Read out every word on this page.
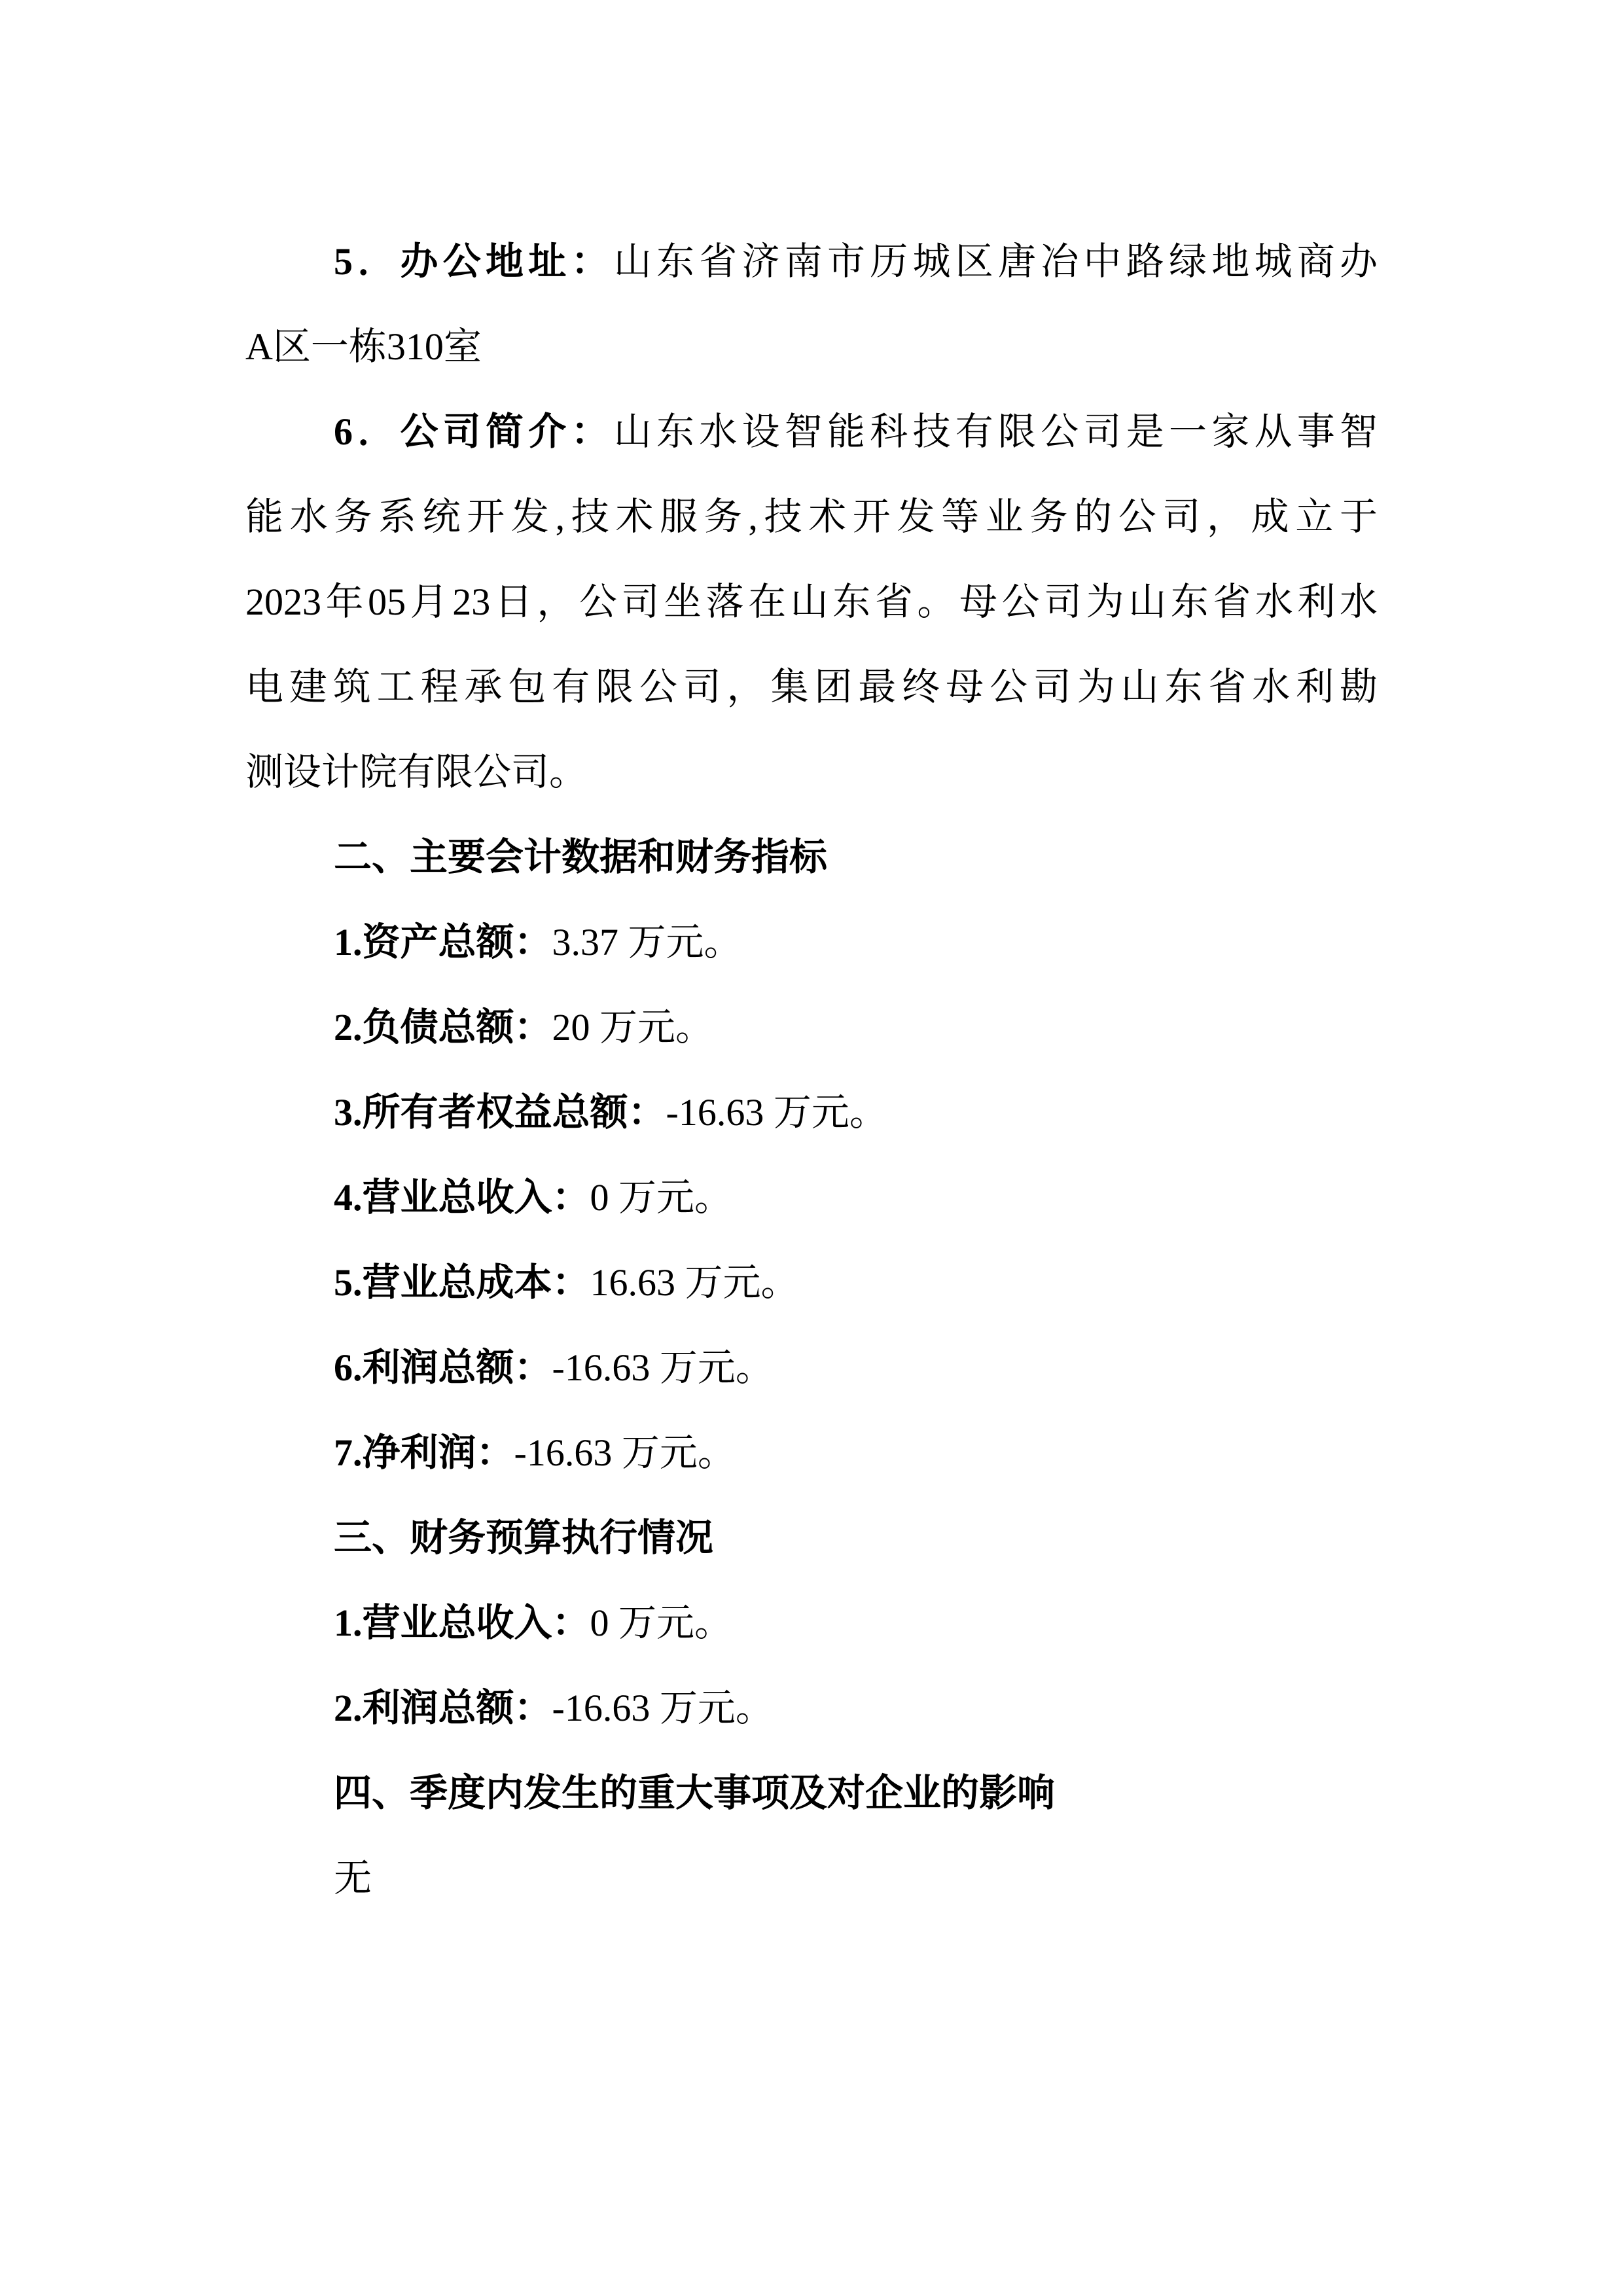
5．办公地址：山东省济南市历城区唐冶中路绿地城商办
A区一栋310室
6．公司简介：山东水设智能科技有限公司是一家从事智
能水务系统开发,技术服务,技术开发等业务的公司，成立于
2023年05月23日，公司坐落在山东省。母公司为山东省水利水
电建筑工程承包有限公司，集团最终母公司为山东省水利勘
测设计院有限公司。
二、主要会计数据和财务指标
1.资产总额：3.37 万元。
2.负债总额：20 万元。
3.所有者权益总额：-16.63 万元。
4.营业总收入：0 万元。
5.营业总成本：16.63 万元。
6.利润总额：-16.63 万元。
7.净利润：-16.63 万元。
三、财务预算执行情况
1.营业总收入：0 万元。
2.利润总额：-16.63 万元。
四、季度内发生的重大事项及对企业的影响
无
